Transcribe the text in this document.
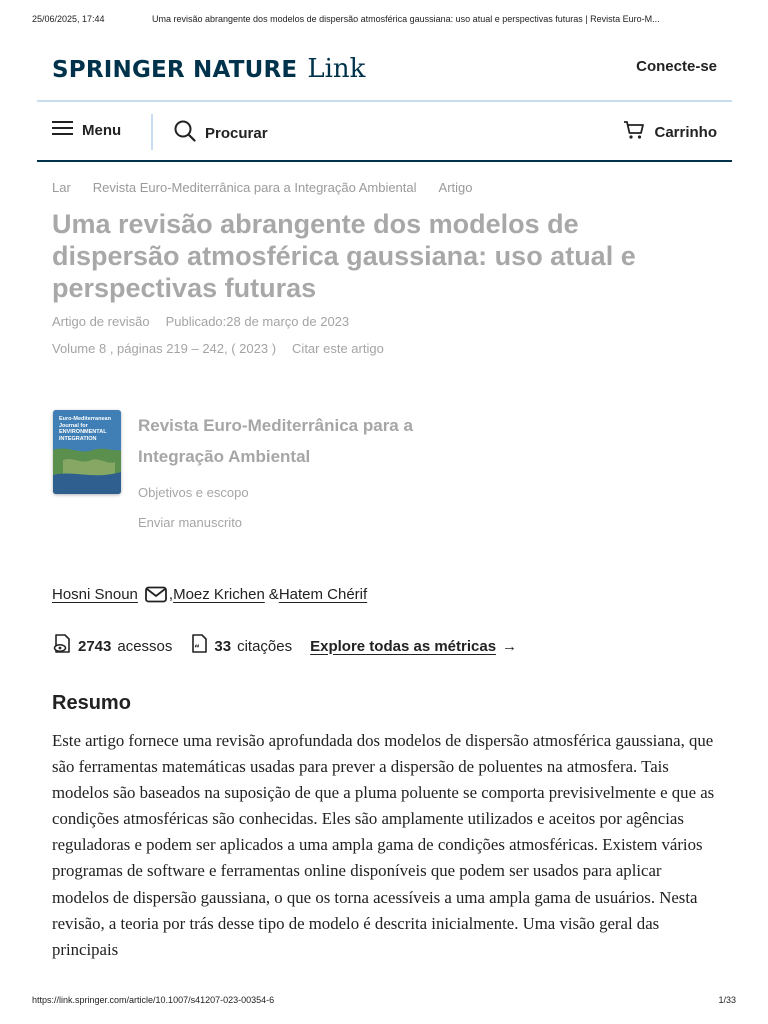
25/06/2025, 17:44	Uma revisão abrangente dos modelos de dispersão atmosférica gaussiana: uso atual e perspectivas futuras | Revista Euro-M...
SPRINGER NATURE Link	Conecte-se
Menu	Procurar	Carrinho
Lar Revista Euro-Mediterrânica para a Integração Ambiental Artigo
Uma revisão abrangente dos modelos de dispersão atmosférica gaussiana: uso atual e perspectivas futuras
Artigo de revisão Publicado:28 de março de 2023
Volume 8 , páginas 219 – 242, ( 2023 ) Citar este artigo
Euro-Mediterranean Journal for ENVIRONMENTAL INTEGRATION
Revista Euro-Mediterrânica para a
Integração Ambiental
Objetivos e escopo
Enviar manuscrito
Hosni Snoun , Moez Krichen & Hatem Chérif
2743 acessos “ 33 citações Explore todas as métricas →
Resumo

Este artigo fornece uma revisão aprofundada dos modelos de dispersão atmosférica gaussiana, que são ferramentas matemáticas usadas para prever a dispersão de poluentes na atmosfera. Tais modelos são baseados na suposição de que a pluma poluente se comporta previsivelmente e que as condições atmosféricas são conhecidas. Eles são amplamente utilizados e aceitos por agências reguladoras e podem ser aplicados a uma ampla gama de condições atmosféricas. Existem vários programas de software e ferramentas online disponíveis que podem ser usados para aplicar modelos de dispersão gaussiana, o que os torna acessíveis a uma ampla gama de usuários. Nesta revisão, a teoria por trás desse tipo de modelo é descrita inicialmente. Uma visão geral das principais

https://link.springer.com/article/10.1007/s41207-023-00354-6	1/33
